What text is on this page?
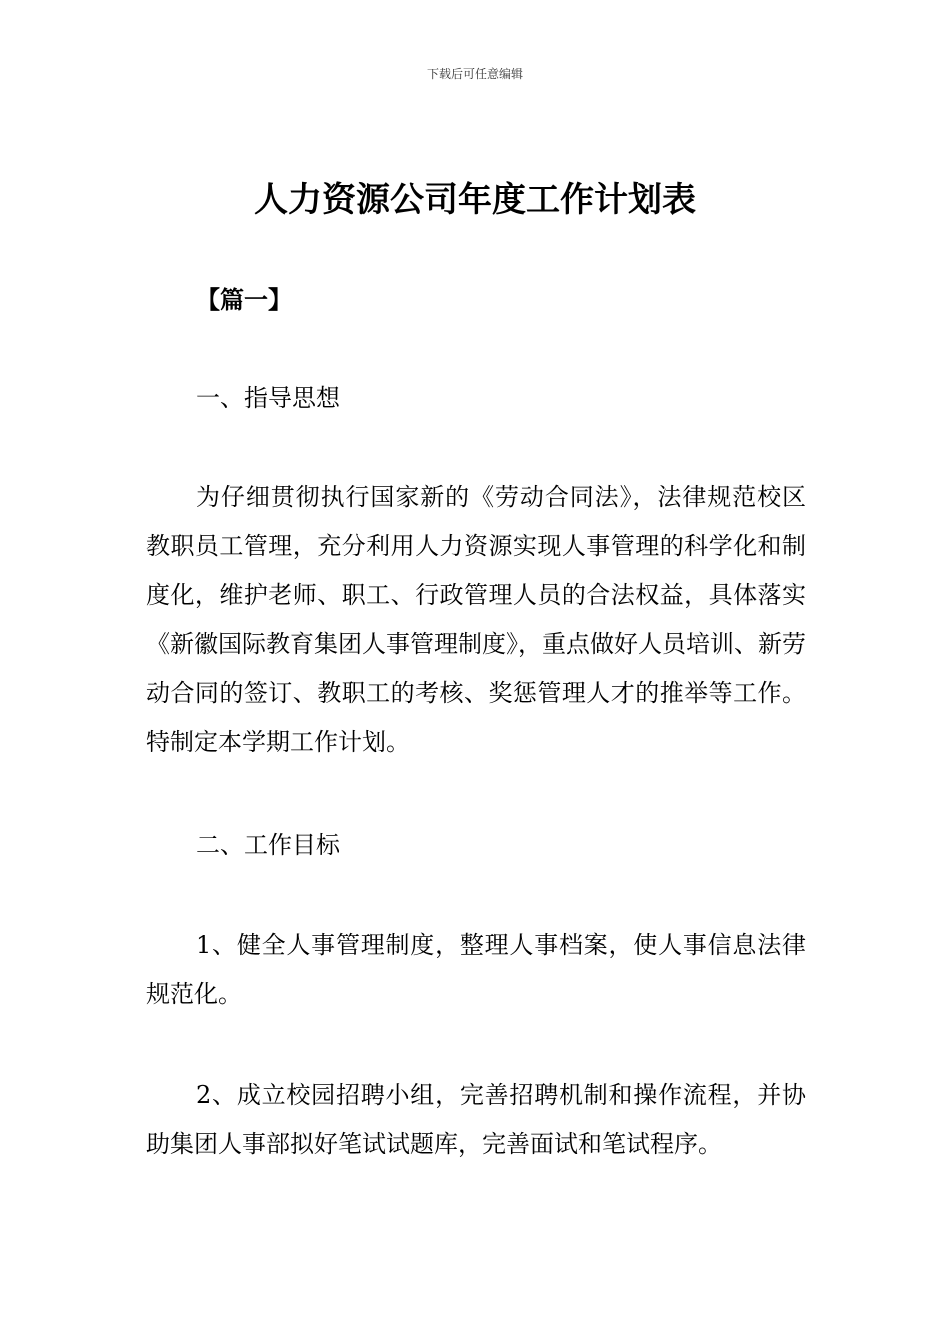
下载后可任意编辑
人力资源公司年度工作计划表
【篇一】
一、指导思想

为仔细贯彻执行国家新的《劳动合同法》，法律规范校区教职员工管理，充分利用人力资源实现人事管理的科学化和制度化，维护老师、职工、行政管理人员的合法权益，具体落实《新徽国际教育集团人事管理制度》，重点做好人员培训、新劳动合同的签订、教职工的考核、奖惩管理人才的推举等工作。特制定本学期工作计划。

二、工作目标

1、健全人事管理制度，整理人事档案，使人事信息法律规范化。

2、成立校园招聘小组，完善招聘机制和操作流程，并协助集团人事部拟好笔试试题库，完善面试和笔试程序。
